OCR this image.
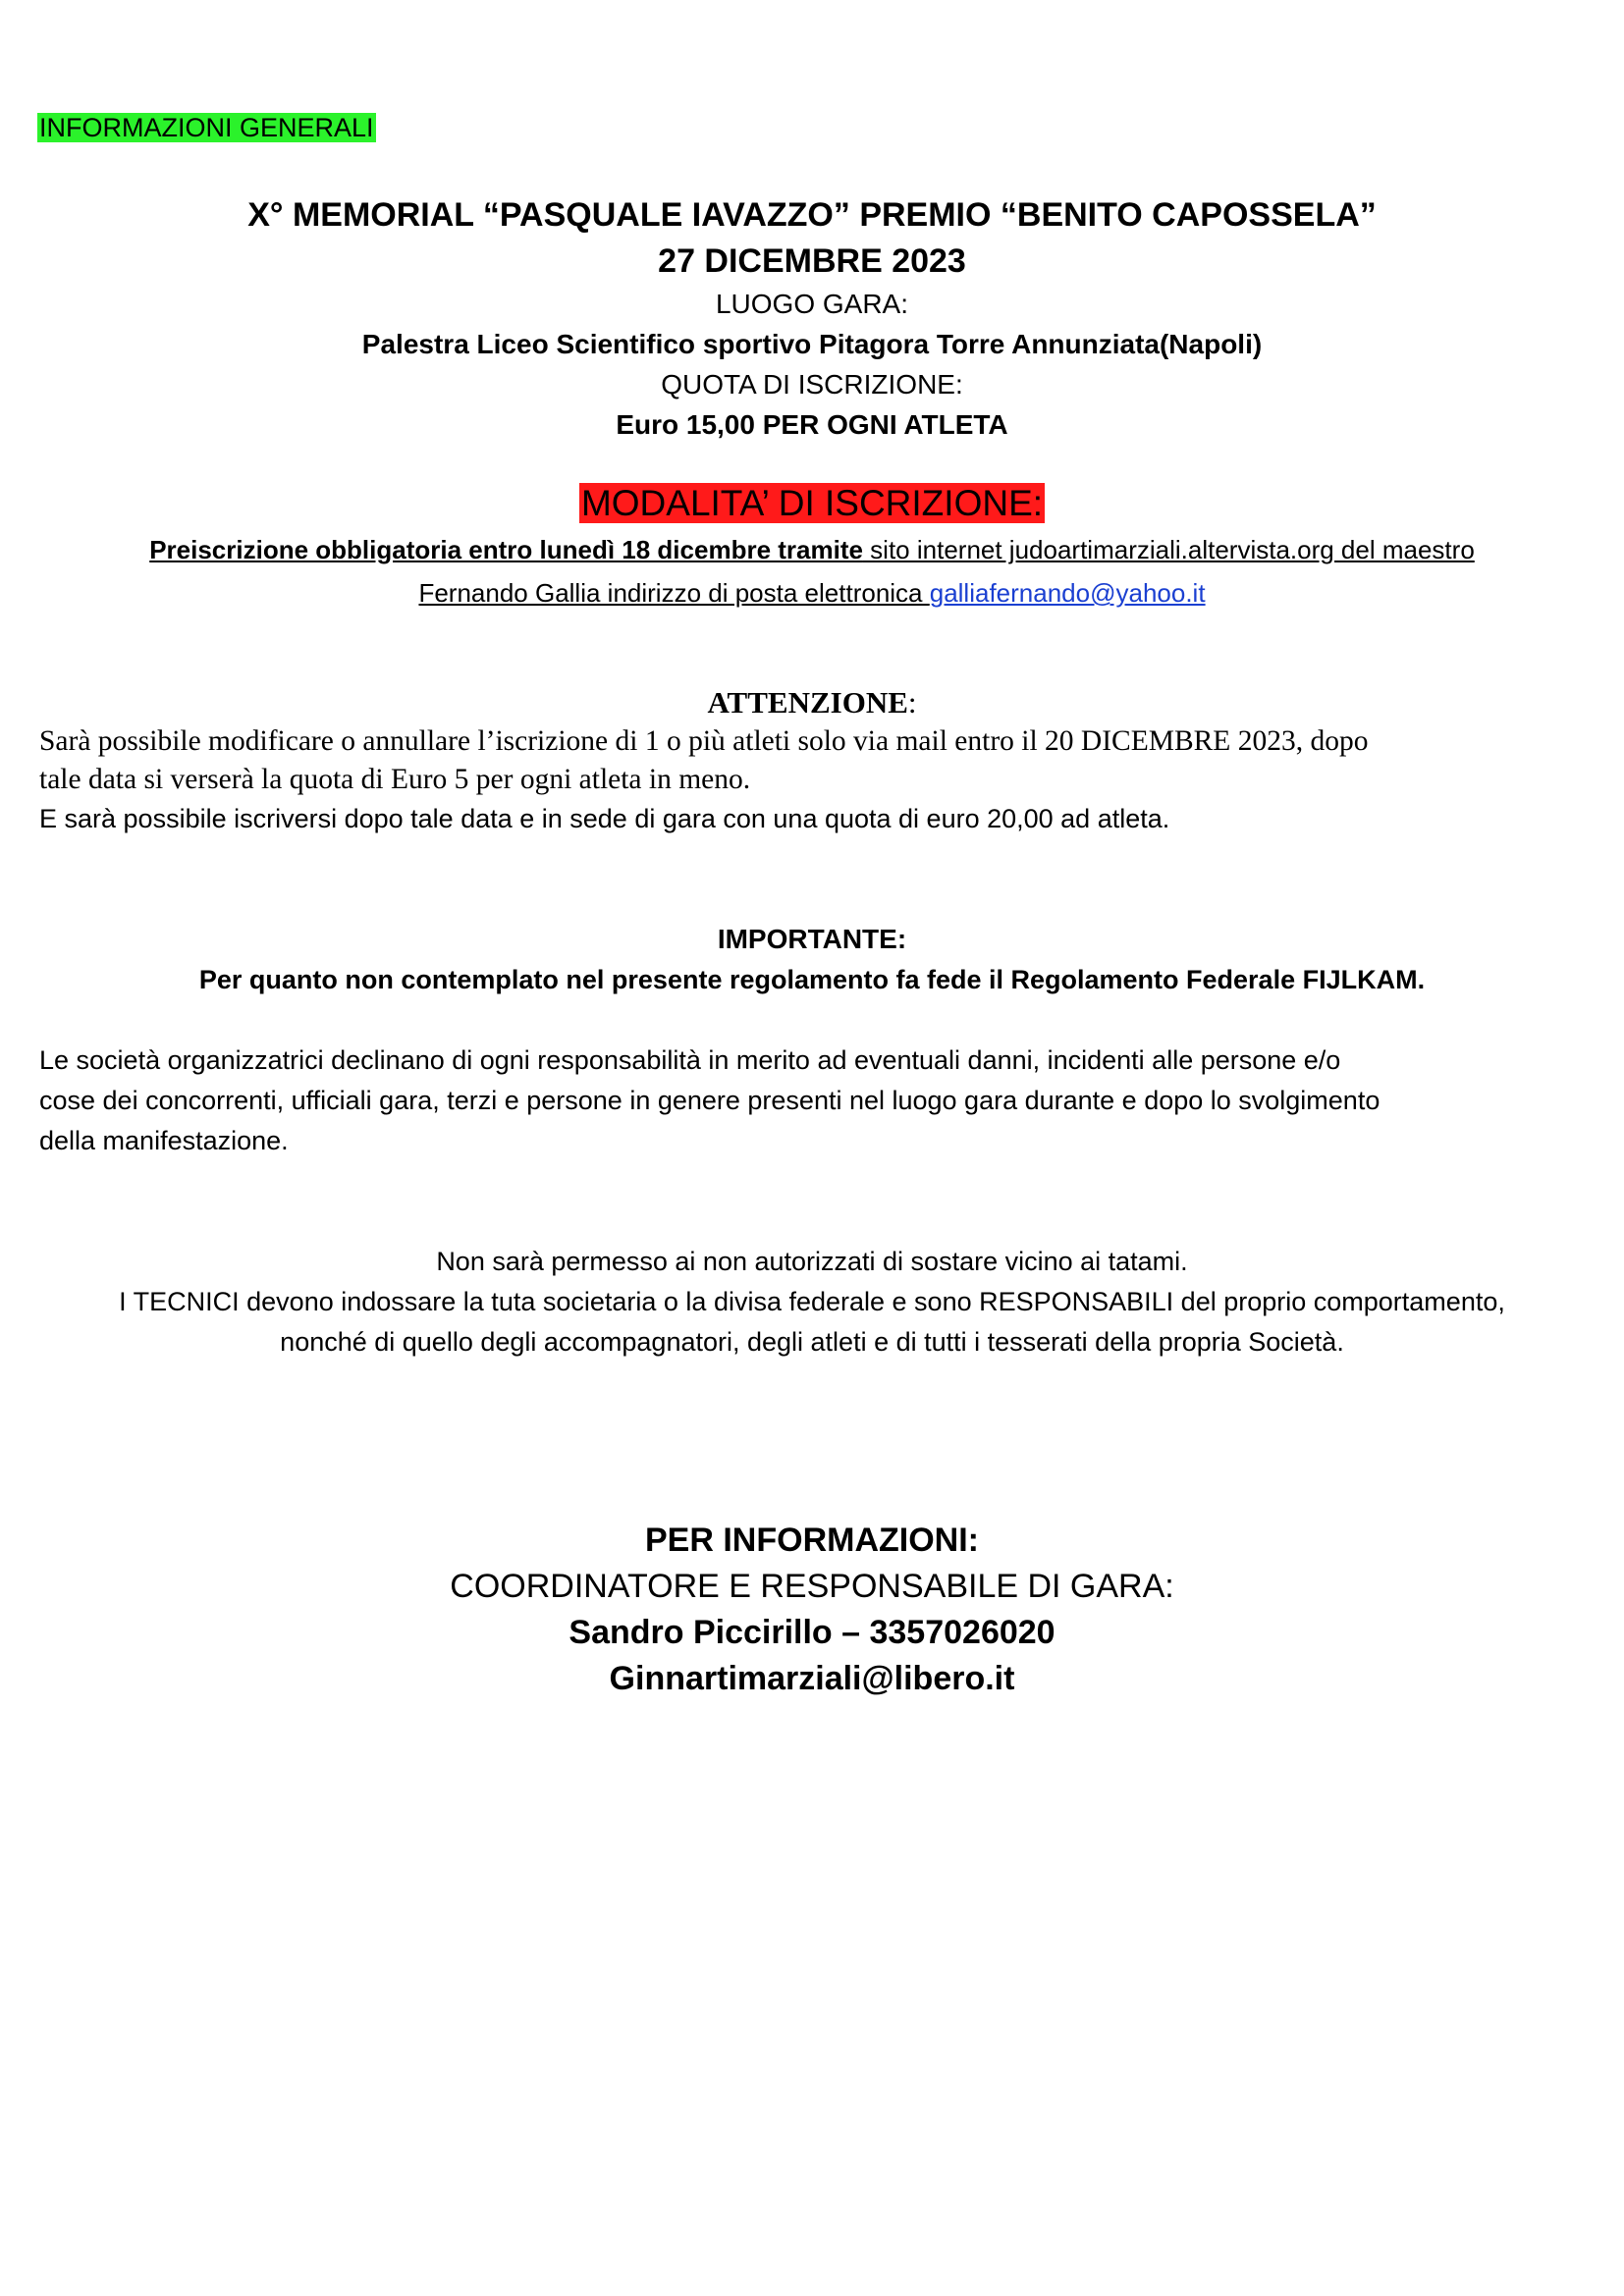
INFORMAZIONI GENERALI
X° MEMORIAL “PASQUALE IAVAZZO” PREMIO “BENITO CAPOSSELA”
27 DICEMBRE 2023
LUOGO GARA:
Palestra Liceo Scientifico sportivo Pitagora Torre Annunziata(Napoli)
QUOTA DI ISCRIZIONE:
Euro 15,00 PER OGNI ATLETA
MODALITA’ DI ISCRIZIONE:
Preiscrizione obbligatoria entro lunedì 18 dicembre tramite sito internet judoartimarziali.altervista.org del maestro
Fernando Gallia indirizzo di posta elettronica galliafernando@yahoo.it
ATTENZIONE:
Sarà possibile modificare o annullare l’iscrizione di 1 o più atleti solo via mail entro il 20 DICEMBRE 2023, dopo
tale data si verserà la quota di Euro 5 per ogni atleta in meno.
E sarà possibile iscriversi dopo tale data e in sede di gara con una quota di euro 20,00 ad atleta.
IMPORTANTE:
Per quanto non contemplato nel presente regolamento fa fede il Regolamento Federale FIJLKAM.
Le società organizzatrici declinano di ogni responsabilità in merito ad eventuali danni, incidenti alle persone e/o
cose dei concorrenti, ufficiali gara, terzi e persone in genere presenti nel luogo gara durante e dopo lo svolgimento
della manifestazione.
Non sarà permesso ai non autorizzati di sostare vicino ai tatami.
I TECNICI devono indossare la tuta societaria o la divisa federale e sono RESPONSABILI del proprio comportamento,
nonché di quello degli accompagnatori, degli atleti e di tutti i tesserati della propria Società.
PER INFORMAZIONI:
COORDINATORE E RESPONSABILE DI GARA:
Sandro Piccirillo – 3357026020
Ginnartimarziali@libero.it
